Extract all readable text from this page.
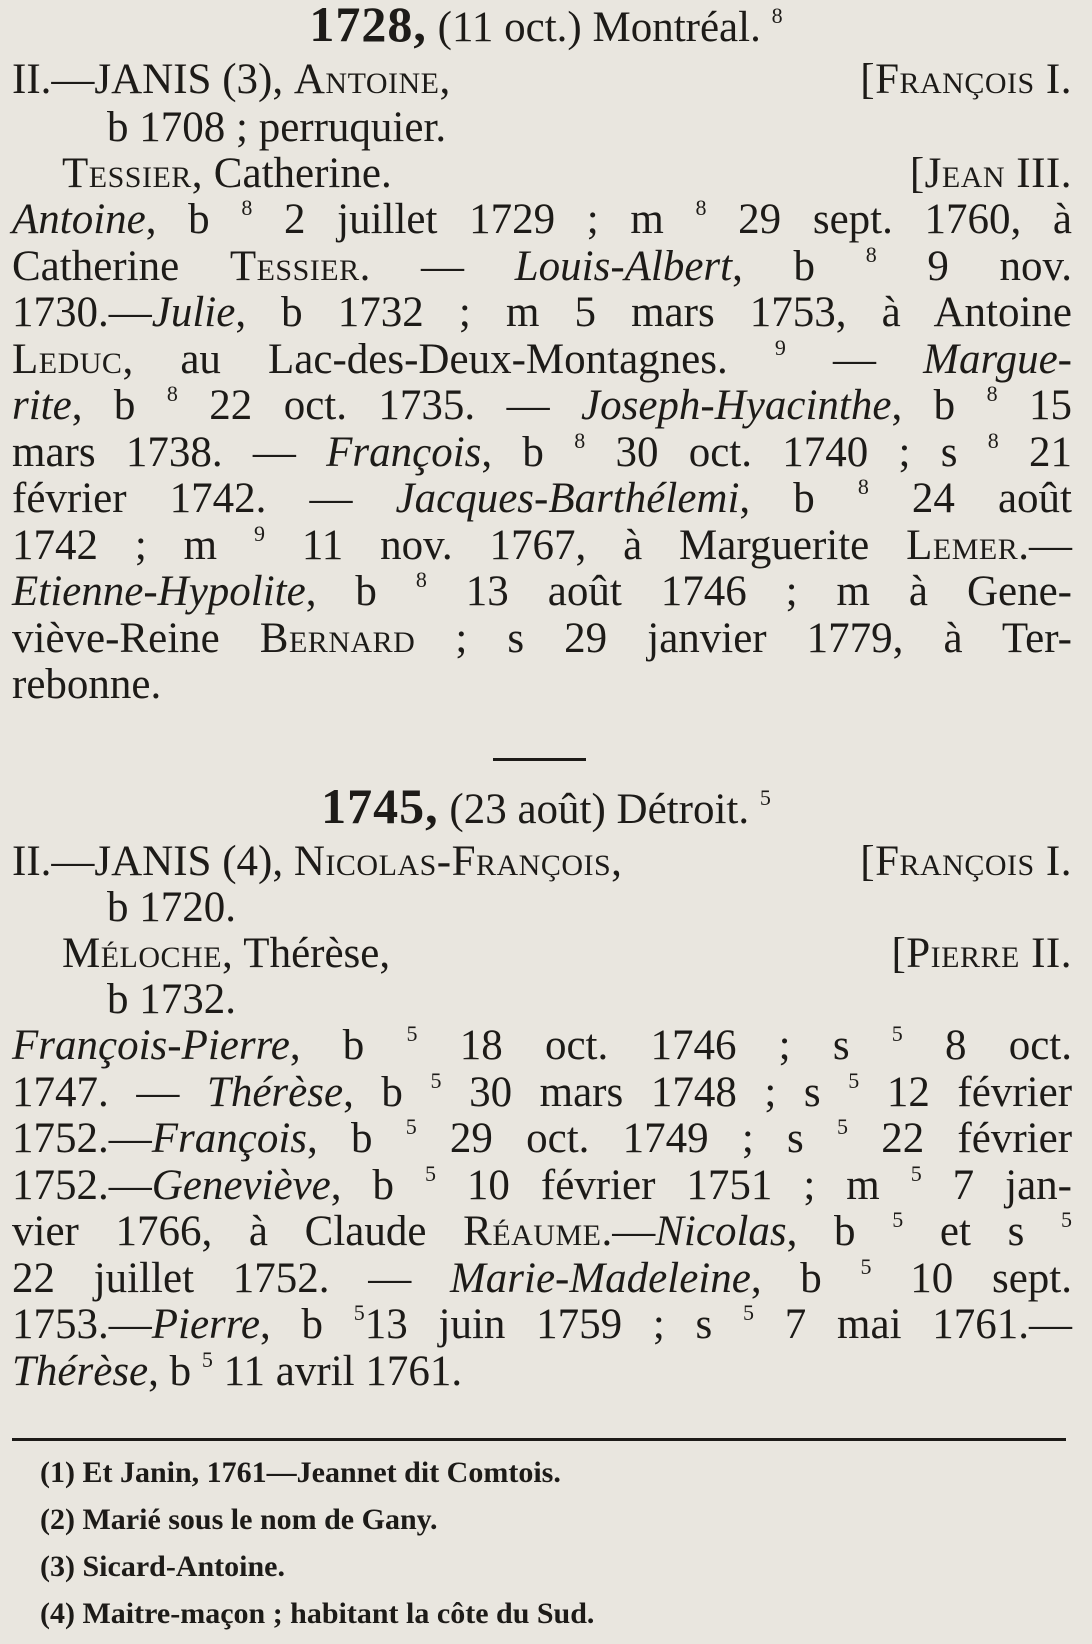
1728, (11 oct.) Montréal. $^8$
II.—JANIS (3), Antoine,	[François I.
b 1708 ; perruquier.
Tessier, Catherine.	[Jean III.
Antoine, b $^8$ 2 juillet 1729 ; m $^8$ 29 sept. 1760, à
Catherine Tessier. — Louis-Albert, b $^8$ 9 nov.
1730.—Julie, b 1732 ; m 5 mars 1753, à Antoine
Leduc, au Lac-des-Deux-Montagnes. $^9$ — Margue-
rite, b $^8$ 22 oct. 1735. — Joseph-Hyacinthe, b $^8$ 15
mars 1738. — François, b $^8$ 30 oct. 1740 ; s $^8$ 21
février 1742. — Jacques-Barthélemi, b $^8$ 24 août
1742 ; m $^9$ 11 nov. 1767, à Marguerite Lemer.—
Etienne-Hypolite, b $^8$ 13 août 1746 ; m à Gene-
viève-Reine Bernard ; s 29 janvier 1779, à Ter-
rebonne.
1745, (23 août) Détroit. $^5$
II.—JANIS (4), Nicolas-François,	[François I.
b 1720.
Méloche, Thérèse,	[Pierre II.
b 1732.
François-Pierre, b $^5$ 18 oct. 1746 ; s $^5$ 8 oct.
1747. — Thérèse, b $^5$ 30 mars 1748 ; s $^5$ 12 février
1752.—François, b $^5$ 29 oct. 1749 ; s $^5$ 22 février
1752.—Geneviève, b $^5$ 10 février 1751 ; m $^5$ 7 jan-
vier 1766, à Claude Réaume.—Nicolas, b $^5$ et s $^5$
22 juillet 1752. — Marie-Madeleine, b $^5$ 10 sept.
1753.—Pierre, b $^5$13 juin 1759 ; s $^5$ 7 mai 1761.—
Thérèse, b $^5$ 11 avril 1761.
(1) Et Janin, 1761—Jeannet dit Comtois.
(2) Marié sous le nom de Gany.
(3) Sicard-Antoine.
(4) Maitre-maçon ; habitant la côte du Sud.
